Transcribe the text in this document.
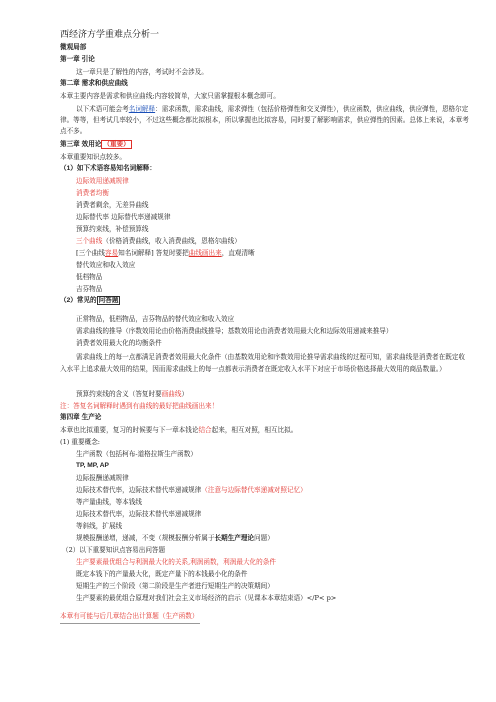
西经济方学重难点分析一
微观局部
第一章 引论
这一章只是了解性的内容，考试时不会涉及。
第二章 需求和供应曲线
本章主要内容是需求和供应曲线;内容较简单，大家只需掌握根本概念即可。
以下术语可能会考名词解释：需求函数，需求曲线，需求弹性（包括价格弹性和交叉弹性），供应函数，供应曲线，供应弹性，恩格尔定律。等等，但考试几率较小，不过这些概念都比拟根本，所以掌握也比拟容易，同时要了解影响需求，供应弹性的因素。总体上来说，本章考点不多。
第三章 效用论 （重要）
本章重要知识点较多。
（1）如下术语容易知名词解释：
边际效用递减规律
消费者均衡
消费者剩余，无差异曲线
边际替代率 边际替代率递减规律
预算约束线，补偿预算线
三个曲线（价格消费曲线，收入消费曲线，恩格尔曲线）
[三个曲线容易知名词解释] 答复时要把曲线画出来，直观清晰
替代效应和收入效应
低档物品
吉芬物品
（2）常见的 问答题
正常物品，低档物品，吉芬物品的替代效应和收入效应
需求曲线的推导（序数效用论由价格消费曲线推导；基数效用论由消费者效用最大化和边际效用递减来推导）
消费者效用最大化的均衡条件
需求曲线上的每一点都满足消费者效用最大化条件（由基数效用论和序数效用论推导需求曲线的过程可知，需求曲线是消费者在既定收入水平上追求最大效用的结果，因而需求曲线上的每一点都表示消费者在既定收入水平下对应于市场价格选择最大效用的商品数量。）
预算约束线的含义（答复时要画曲线）
注：答复名词解释时遇到有曲线的最好把曲线画出来！
第四章 生产论
本章也比拟重要，复习的时候要与下一章本钱论结合起来，相互对照，相互比拟。
(1) 重要概念:
生产函数（包括柯布-道格拉斯生产函数）
TP, MP, AP
边际报酬递减规律
边际技术替代率，边际技术替代率递减规律（注意与边际替代率递减对照记忆）
等产量曲线，等本钱线
边际技术替代率，边际技术替代率递减规律
等斜线，扩展线
规模报酬递增，递减，不变（规模报酬分析属于长期生产理论问题）
（2）以下重要知识点容易出问答题
生产要素最优组合与利润最大化的关系,利润函数，利润最大化的条件
既定本钱下的产量最大化，既定产量下的本钱最小化的条件
短期生产的三个阶段（第二阶段是生产者进行短期生产的决策期间）
生产要素的最优组合原理对我们社会主义市场经济的启示（见课本本章结束语）</P< p>
本章有可能与后几章结合出计算题（生产函数）
